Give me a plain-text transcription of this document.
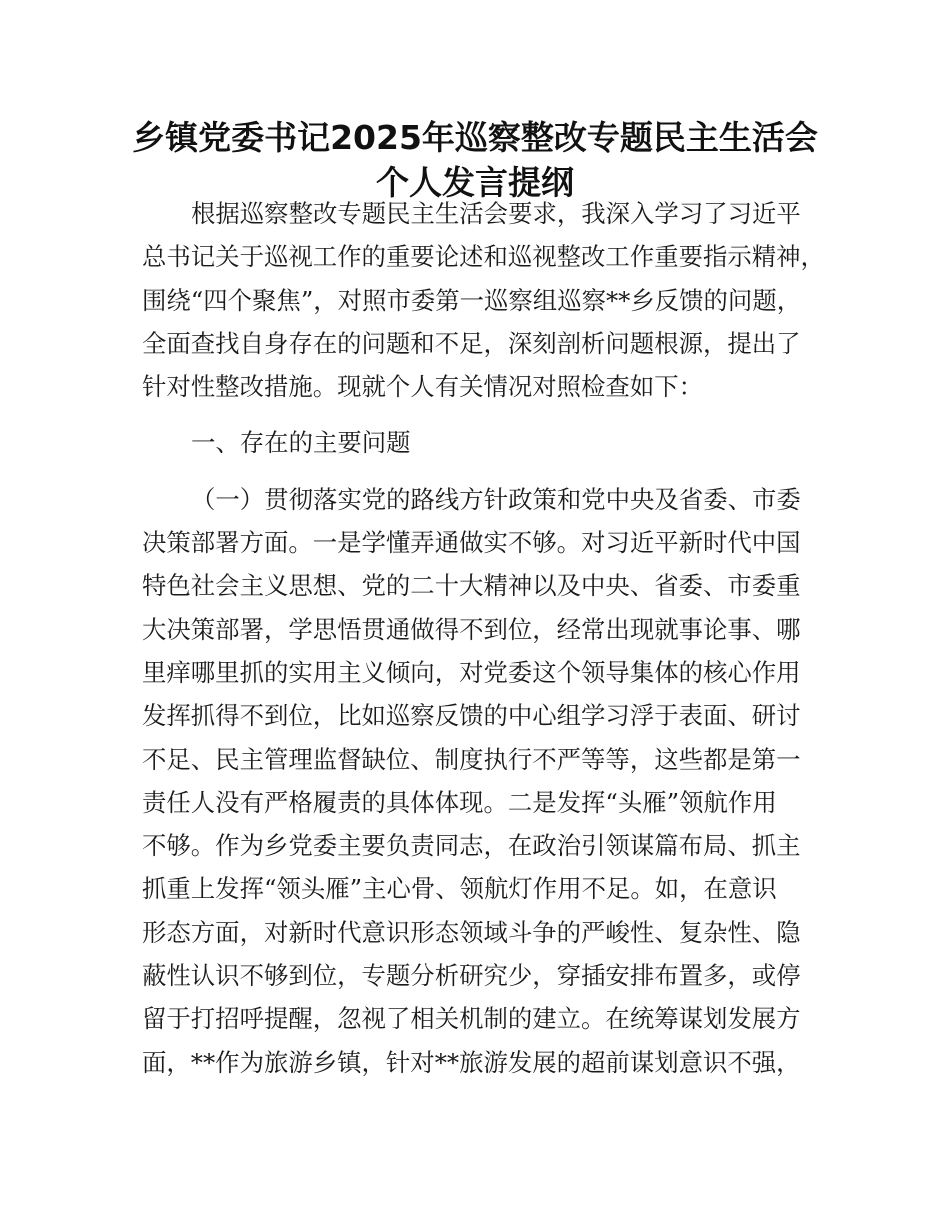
乡镇党委书记2025年巡察整改专题民主生活会
个人发言提纲
根据巡察整改专题民主生活会要求，我深入学习了习近平
总书记关于巡视工作的重要论述和巡视整改工作重要指示精神，
围绕“四个聚焦”，对照市委第一巡察组巡察**乡反馈的问题，
全面查找自身存在的问题和不足，深刻剖析问题根源，提出了
针对性整改措施。现就个人有关情况对照检查如下：
一、存在的主要问题
（一）贯彻落实党的路线方针政策和党中央及省委、市委
决策部署方面。一是学懂弄通做实不够。对习近平新时代中国
特色社会主义思想、党的二十大精神以及中央、省委、市委重
大决策部署，学思悟贯通做得不到位，经常出现就事论事、哪
里痒哪里抓的实用主义倾向，对党委这个领导集体的核心作用
发挥抓得不到位，比如巡察反馈的中心组学习浮于表面、研讨
不足、民主管理监督缺位、制度执行不严等等，这些都是第一
责任人没有严格履责的具体体现。二是发挥“头雁”领航作用
不够。作为乡党委主要负责同志，在政治引领谋篇布局、抓主
抓重上发挥“领头雁”主心骨、领航灯作用不足。如，在意识
形态方面，对新时代意识形态领域斗争的严峻性、复杂性、隐
蔽性认识不够到位，专题分析研究少，穿插安排布置多，或停
留于打招呼提醒，忽视了相关机制的建立。在统筹谋划发展方
面，**作为旅游乡镇，针对**旅游发展的超前谋划意识不强，
